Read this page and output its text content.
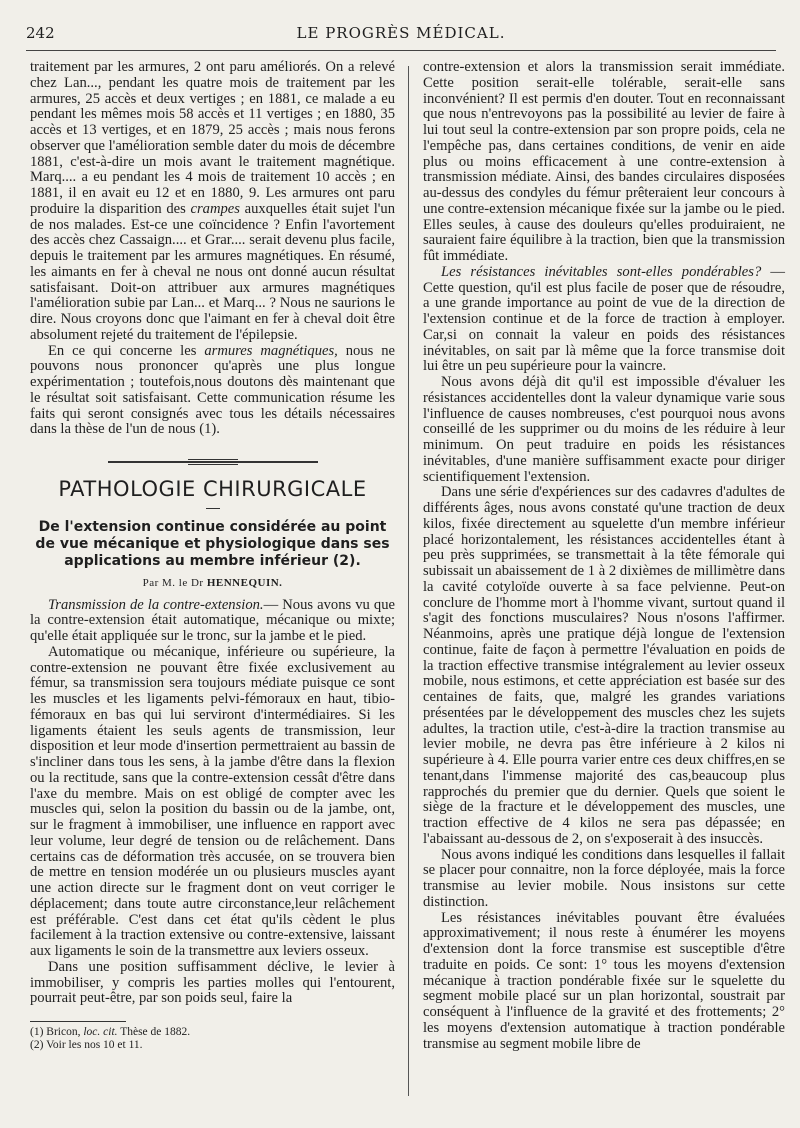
242	LE PROGRÈS MÉDICAL.

traitement par les armures, 2 ont paru améliorés. On a relevé chez Lan..., pendant les quatre mois de traitement par les armures, 25 accès et deux vertiges ; en 1881, ce malade a eu pendant les mêmes mois 58 accès et 11 vertiges ; en 1880, 35 accès et 13 vertiges, et en 1879, 25 accès ; mais nous ferons observer que l'amélioration semble dater du mois de décembre 1881, c'est-à-dire un mois avant le traitement magnétique. Marq.... a eu pendant les 4 mois de traitement 10 accès ; en 1881, il en avait eu 12 et en 1880, 9. Les armures ont paru produire la disparition des crampes auxquelles était sujet l'un de nos malades. Est-ce une coïncidence ? Enfin l'avortement des accès chez Cassaign.... et Grar.... serait devenu plus facile, depuis le traitement par les armures magnétiques. En résumé, les aimants en fer à cheval ne nous ont donné aucun résultat satisfaisant. Doit-on attribuer aux armures magnétiques l'amélioration subie par Lan... et Marq... ? Nous ne saurions le dire. Nous croyons donc que l'aimant en fer à cheval doit être absolument rejeté du traitement de l'épilepsie.

En ce qui concerne les armures magnétiques, nous ne pouvons nous prononcer qu'après une plus longue expérimentation ; toutefois,nous doutons dès maintenant que le résultat soit satisfaisant. Cette communication résume les faits qui seront consignés avec tous les détails nécessaires dans la thèse de l'un de nous (1).

PATHOLOGIE CHIRURGICALE
De l'extension continue considérée au point de vue mécanique et physiologique dans ses applications au membre inférieur (2).
Par M. le Dr HENNEQUIN.

Transmission de la contre-extension.— Nous avons vu que la contre-extension était automatique, mécanique ou mixte; qu'elle était appliquée sur le tronc, sur la jambe et le pied.

Automatique ou mécanique, inférieure ou supérieure, la contre-extension ne pouvant être fixée exclusivement au fémur, sa transmission sera toujours médiate puisque ce sont les muscles et les ligaments pelvi-fémoraux en haut, tibio-fémoraux en bas qui lui serviront d'intermédiaires. Si les ligaments étaient les seuls agents de transmission, leur disposition et leur mode d'insertion permettraient au bassin de s'incliner dans tous les sens, à la jambe d'être dans la flexion ou la rectitude, sans que la contre-extension cessât d'être dans l'axe du membre. Mais on est obligé de compter avec les muscles qui, selon la position du bassin ou de la jambe, ont, sur le fragment à immobiliser, une influence en rapport avec leur volume, leur degré de tension ou de relâchement. Dans certains cas de déformation très accusée, on se trouvera bien de mettre en tension modérée un ou plusieurs muscles ayant une action directe sur le fragment dont on veut corriger le déplacement; dans toute autre circonstance,leur relâchement est préférable. C'est dans cet état qu'ils cèdent le plus facilement à la traction extensive ou contre-extensive, laissant aux ligaments le soin de la transmettre aux leviers osseux.

Dans une position suffisamment déclive, le levier à immobiliser, y compris les parties molles qui l'entourent, pourrait peut-être, par son poids seul, faire la

(1) Bricon, loc. cit. Thèse de 1882.

(2) Voir les nos 10 et 11.

contre-extension et alors la transmission serait immédiate. Cette position serait-elle tolérable, serait-elle sans inconvénient? Il est permis d'en douter. Tout en reconnaissant que nous n'entrevoyons pas la possibilité au levier de faire à lui tout seul la contre-extension par son propre poids, cela ne l'empêche pas, dans certaines conditions, de venir en aide plus ou moins efficacement à une contre-extension à transmission médiate. Ainsi, des bandes circulaires disposées au-dessus des condyles du fémur prêteraient leur concours à une contre-extension mécanique fixée sur la jambe ou le pied. Elles seules, à cause des douleurs qu'elles produiraient, ne sauraient faire équilibre à la traction, bien que la transmission fût immédiate.

Les résistances inévitables sont-elles pondérables? — Cette question, qu'il est plus facile de poser que de résoudre, a une grande importance au point de vue de la direction de l'extension continue et de la force de traction à employer. Car,si on connait la valeur en poids des résistances inévitables, on sait par là même que la force transmise doit lui être un peu supérieure pour la vaincre.

Nous avons déjà dit qu'il est impossible d'évaluer les résistances accidentelles dont la valeur dynamique varie sous l'influence de causes nombreuses, c'est pourquoi nous avons conseillé de les supprimer ou du moins de les réduire à leur minimum. On peut traduire en poids les résistances inévitables, d'une manière suffisamment exacte pour diriger scientifiquement l'extension.

Dans une série d'expériences sur des cadavres d'adultes de différents âges, nous avons constaté qu'une traction de deux kilos, fixée directement au squelette d'un membre inférieur placé horizontalement, les résistances accidentelles étant à peu près supprimées, se transmettait à la tête fémorale qui subissait un abaissement de 1 à 2 dixièmes de millimètre dans la cavité cotyloïde ouverte à sa face pelvienne. Peut-on conclure de l'homme mort à l'homme vivant, surtout quand il s'agit des fonctions musculaires? Nous n'osons l'affirmer. Néanmoins, après une pratique déjà longue de l'extension continue, faite de façon à permettre l'évaluation en poids de la traction effective transmise intégralement au levier osseux mobile, nous estimons, et cette appréciation est basée sur des centaines de faits, que, malgré les grandes variations présentées par le développement des muscles chez les sujets adultes, la traction utile, c'est-à-dire la traction transmise au levier mobile, ne devra pas être inférieure à 2 kilos ni supérieure à 4. Elle pourra varier entre ces deux chiffres,en se tenant,dans l'immense majorité des cas,beaucoup plus rapprochés du premier que du dernier. Quels que soient le siège de la fracture et le développement des muscles, une traction effective de 4 kilos ne sera pas dépassée; en l'abaissant au-dessous de 2, on s'exposerait à des insuccès.

Nous avons indiqué les conditions dans lesquelles il fallait se placer pour connaitre, non la force déployée, mais la force transmise au levier mobile. Nous insistons sur cette distinction.

Les résistances inévitables pouvant être évaluées approximativement; il nous reste à énumérer les moyens d'extension dont la force transmise est susceptible d'être traduite en poids. Ce sont: 1° tous les moyens d'extension mécanique à traction pondérable fixée sur le squelette du segment mobile placé sur un plan horizontal, soustrait par conséquent à l'influence de la gravité et des frottements; 2° les moyens d'extension automatique à traction pondérable transmise au segment mobile libre de
